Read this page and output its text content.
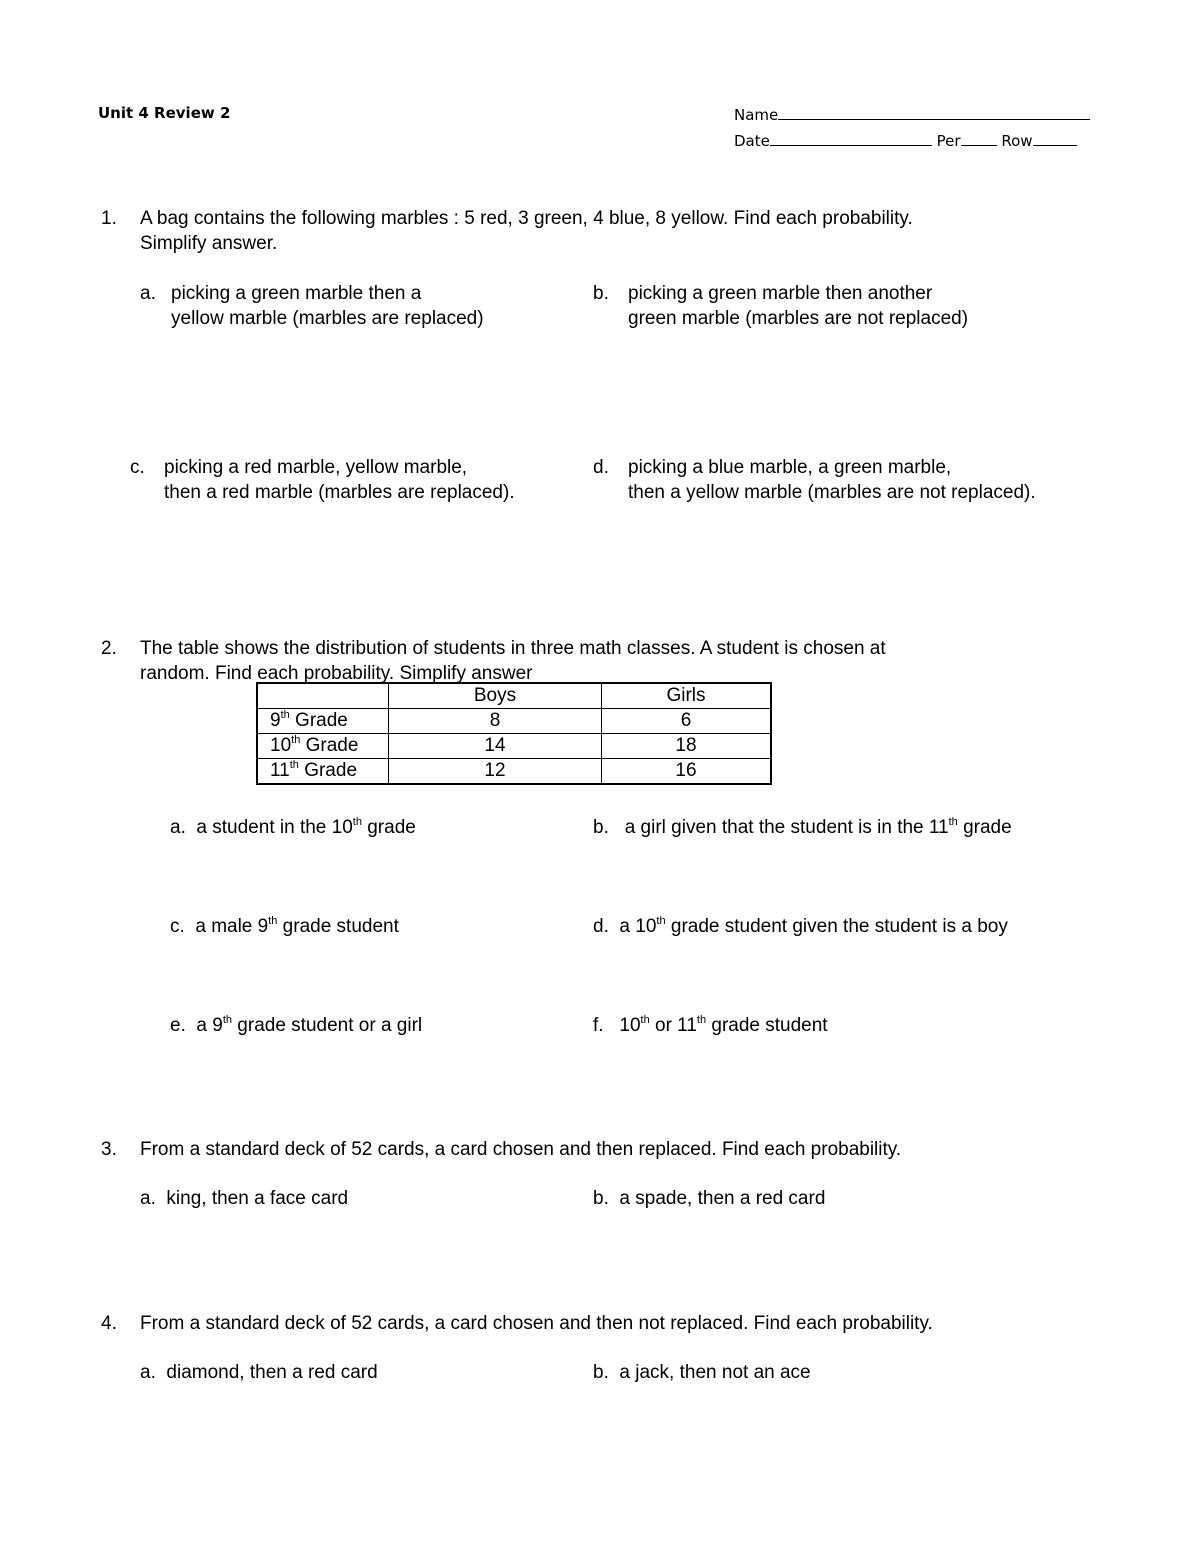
Unit 4 Review 2	Name
Date	Per	Row
1. A bag contains the following marbles : 5 red, 3 green, 4 blue, 8 yellow. Find each probability.
Simplify answer.
a. picking a green marble then a
yellow marble (marbles are replaced)
b. picking a green marble then another
green marble (marbles are not replaced)
c. picking a red marble, yellow marble,
then a red marble (marbles are replaced).
d. picking a blue marble, a green marble,
then a yellow marble (marbles are not replaced).
2. The table shows the distribution of students in three math classes. A student is chosen at
random. Find each probability. Simplify answer
	Boys	Girls
9th Grade	8	6
10th Grade	14	18
11th Grade	12	16
a. a student in the 10th grade	b. a girl given that the student is in the 11th grade
c. a male 9th grade student	d. a 10th grade student given the student is a boy
e. a 9th grade student or a girl	f. 10th or 11th grade student
3. From a standard deck of 52 cards, a card chosen and then replaced. Find each probability.
a. king, then a face card	b. a spade, then a red card
4. From a standard deck of 52 cards, a card chosen and then not replaced. Find each probability.
a. diamond, then a red card	b. a jack, then not an ace
